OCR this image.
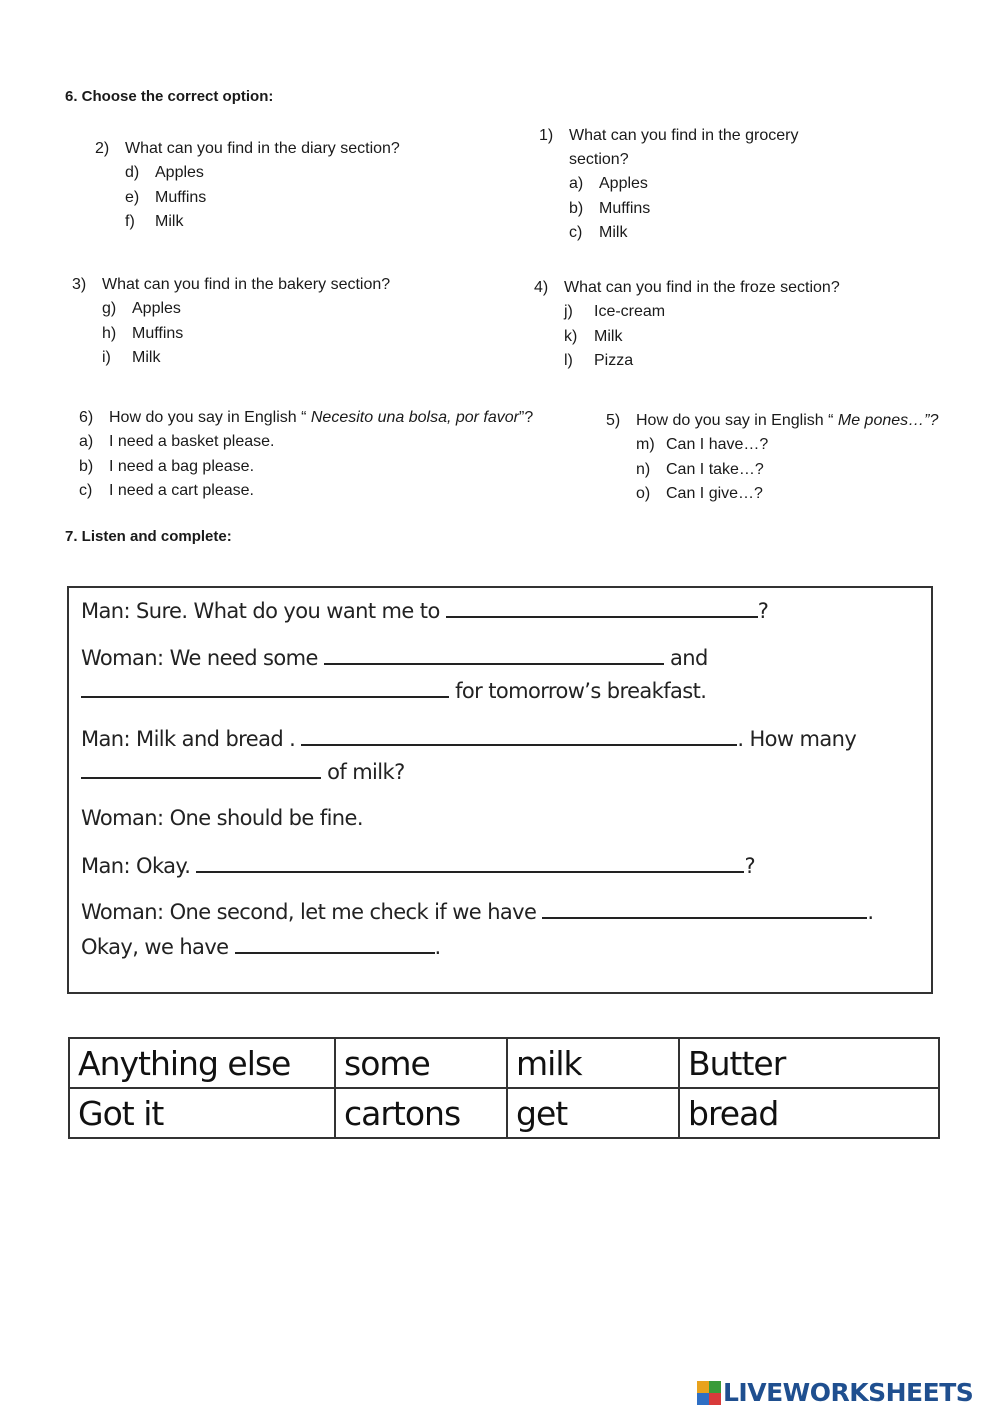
6. Choose the correct option:
2) What can you find in the diary section?
d) Apples
e) Muffins
f) Milk
1) What can you find in the grocery
section?
a) Apples
b) Muffins
c) Milk
3) What can you find in the bakery section?
g) Apples
h) Muffins
i) Milk
4) What can you find in the froze section?
j) Ice-cream
k) Milk
l) Pizza
6) How do you say in English “ Necesito una bolsa, por favor”?
a) I need a basket please.
b) I need a bag please.
c) I need a cart please.
5) How do you say in English “ Me pones…”?
m) Can I have…?
n) Can I take…?
o) Can I give…?
7. Listen and complete:
Man: Sure. What do you want me to	?
Woman: We need some	and
for tomorrow’s breakfast.
Man: Milk and bread .	. How many
of milk?
Woman: One should be fine.
Man: Okay.	?
Woman: One second, let me check if we have	.
Okay, we have	.
Anything else	some	milk	Butter
Got it	cartons	get	bread
LIVEWORKSHEETS
